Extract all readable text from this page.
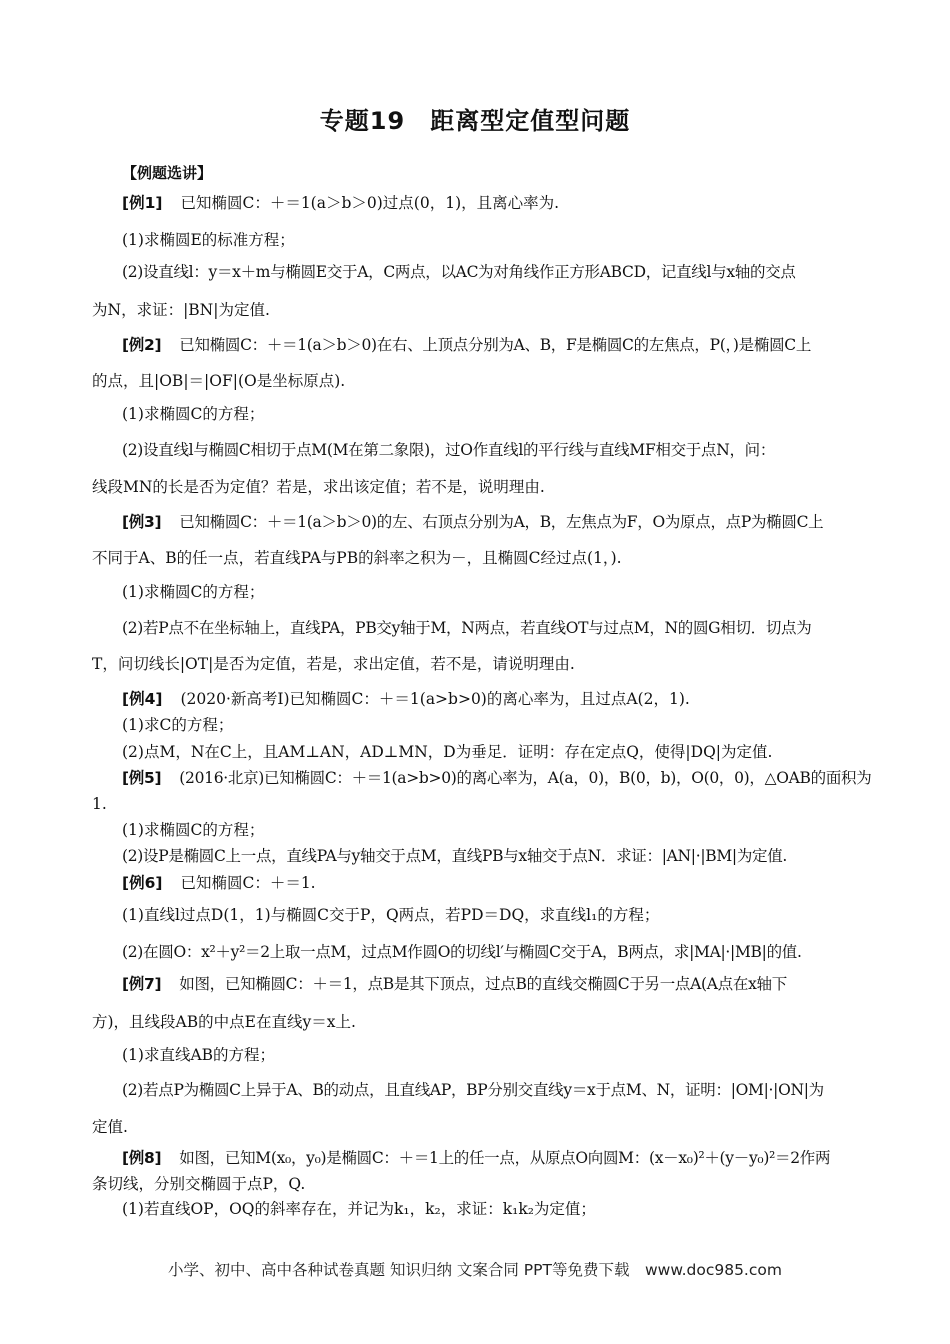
专题19　距离型定值型问题
【例题选讲】
[例1] 已知椭圆C：＋＝1(a＞b＞0)过点(0，1)，且离心率为.
(1)求椭圆E的标准方程；
(2)设直线l：y＝x＋m与椭圆E交于A，C两点，以AC为对角线作正方形ABCD，记直线l与x轴的交点
为N，求证：|BN|为定值.
[例2] 已知椭圆C：＋＝1(a＞b＞0)在右、上顶点分别为A、B，F是椭圆C的左焦点，P(，)是椭圆C上
的点，且|OB|＝|OF|(O是坐标原点).
(1)求椭圆C的方程；
(2)设直线l与椭圆C相切于点M(M在第二象限)，过O作直线l的平行线与直线MF相交于点N，问：
线段MN的长是否为定值？若是，求出该定值；若不是，说明理由.
[例3] 已知椭圆C：＋＝1(a＞b＞0)的左、右顶点分别为A，B，左焦点为F，O为原点，点P为椭圆C上
不同于A、B的任一点，若直线PA与PB的斜率之积为－，且椭圆C经过点(1，).
(1)求椭圆C的方程；
(2)若P点不在坐标轴上，直线PA，PB交y轴于M，N两点，若直线OT与过点M，N的圆G相切．切点为
T，问切线长|OT|是否为定值，若是，求出定值，若不是，请说明理由.
[例4] (2020·新高考Ⅰ)已知椭圆C：＋＝1(a>b>0)的离心率为，且过点A(2，1).
(1)求C的方程；
(2)点M，N在C上，且AM⊥AN，AD⊥MN，D为垂足．证明：存在定点Q，使得|DQ|为定值.
[例5] (2016·北京)已知椭圆C：＋＝1(a>b>0)的离心率为，A(a，0)，B(0，b)，O(0，0)，△OAB的面积为
1.
(1)求椭圆C的方程；
(2)设P是椭圆C上一点，直线PA与y轴交于点M，直线PB与x轴交于点N．求证：|AN|·|BM|为定值.
[例6] 已知椭圆C：＋＝1.
(1)直线l过点D(1，1)与椭圆C交于P，Q两点，若PD＝DQ，求直线l₁的方程；
(2)在圆O：x²＋y²＝2上取一点M，过点M作圆O的切线l′与椭圆C交于A，B两点，求|MA|·|MB|的值.
[例7] 如图，已知椭圆C：＋＝1，点B是其下顶点，过点B的直线交椭圆C于另一点A(A点在x轴下
方)，且线段AB的中点E在直线y＝x上.
(1)求直线AB的方程；
(2)若点P为椭圆C上异于A、B的动点，且直线AP，BP分别交直线y＝x于点M、N，证明：|OM|·|ON|为
定值.
[例8] 如图，已知M(x₀，y₀)是椭圆C：＋＝1上的任一点，从原点O向圆M：(x－x₀)²＋(y－y₀)²＝2作两
条切线，分别交椭圆于点P，Q.
(1)若直线OP，OQ的斜率存在，并记为k₁，k₂，求证：k₁k₂为定值；
小学、初中、高中各种试卷真题 知识归纳 文案合同 PPT等免费下载　www.doc985.com
